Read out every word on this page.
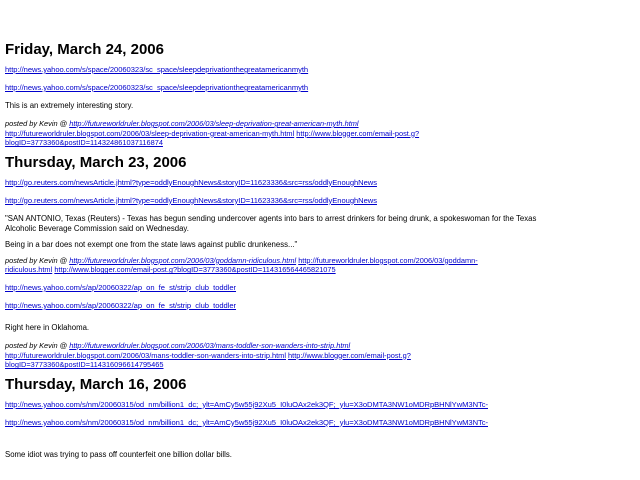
Friday, March 24, 2006
http://news.yahoo.com/s/space/20060323/sc_space/sleepdeprivationthegreatamericanmyth
http://news.yahoo.com/s/space/20060323/sc_space/sleepdeprivationthegreatamericanmyth

This is an extremely interesting story.

posted by Kevin @ http://futureworldruler.blogspot.com/2006/03/sleep-deprivation-great-american-myth.html
http://futureworldruler.blogspot.com/2006/03/sleep-deprivation-great-american-myth.html http://www.blogger.com/email-post.g?
blogID=3773360&postID=114324861037116874

Thursday, March 23, 2006
http://go.reuters.com/newsArticle.jhtml?type=oddlyEnoughNews&storyID=11623336&src=rss/oddlyEnoughNews
http://go.reuters.com/newsArticle.jhtml?type=oddlyEnoughNews&storyID=11623336&src=rss/oddlyEnoughNews

"SAN ANTONIO, Texas (Reuters) - Texas has begun sending undercover agents into bars to arrest drinkers for being drunk, a spokeswoman for the Texas

Alcoholic Beverage Commission said on Wednesday.

Being in a bar does not exempt one from the state laws against public drunkeness..."

posted by Kevin @ http://futureworldruler.blogspot.com/2006/03/goddamn-ridiculous.html http://futureworldruler.blogspot.com/2006/03/goddamn-
ridiculous.html http://www.blogger.com/email-post.g?blogID=3773360&postID=114316564465821075

http://news.yahoo.com/s/ap/20060322/ap_on_fe_st/strip_club_toddler
http://news.yahoo.com/s/ap/20060322/ap_on_fe_st/strip_club_toddler

Right here in Oklahoma.

posted by Kevin @ http://futureworldruler.blogspot.com/2006/03/mans-toddler-son-wanders-into-strip.html
http://futureworldruler.blogspot.com/2006/03/mans-toddler-son-wanders-into-strip.html http://www.blogger.com/email-post.g?
blogID=3773360&postID=114316096614795465

Thursday, March 16, 2006
http://news.yahoo.com/s/nm/20060315/od_nm/billion1_dc;_ylt=AmCy5w55j92Xu5_I0luOAx2ek3QF;_ylu=X3oDMTA3NW1oMDRpBHNlYwM3NTc-
http://news.yahoo.com/s/nm/20060315/od_nm/billion1_dc;_ylt=AmCy5w55j92Xu5_I0luOAx2ek3QF;_ylu=X3oDMTA3NW1oMDRpBHNlYwM3NTc-

Some idiot was trying to pass off counterfeit one billion dollar bills.
